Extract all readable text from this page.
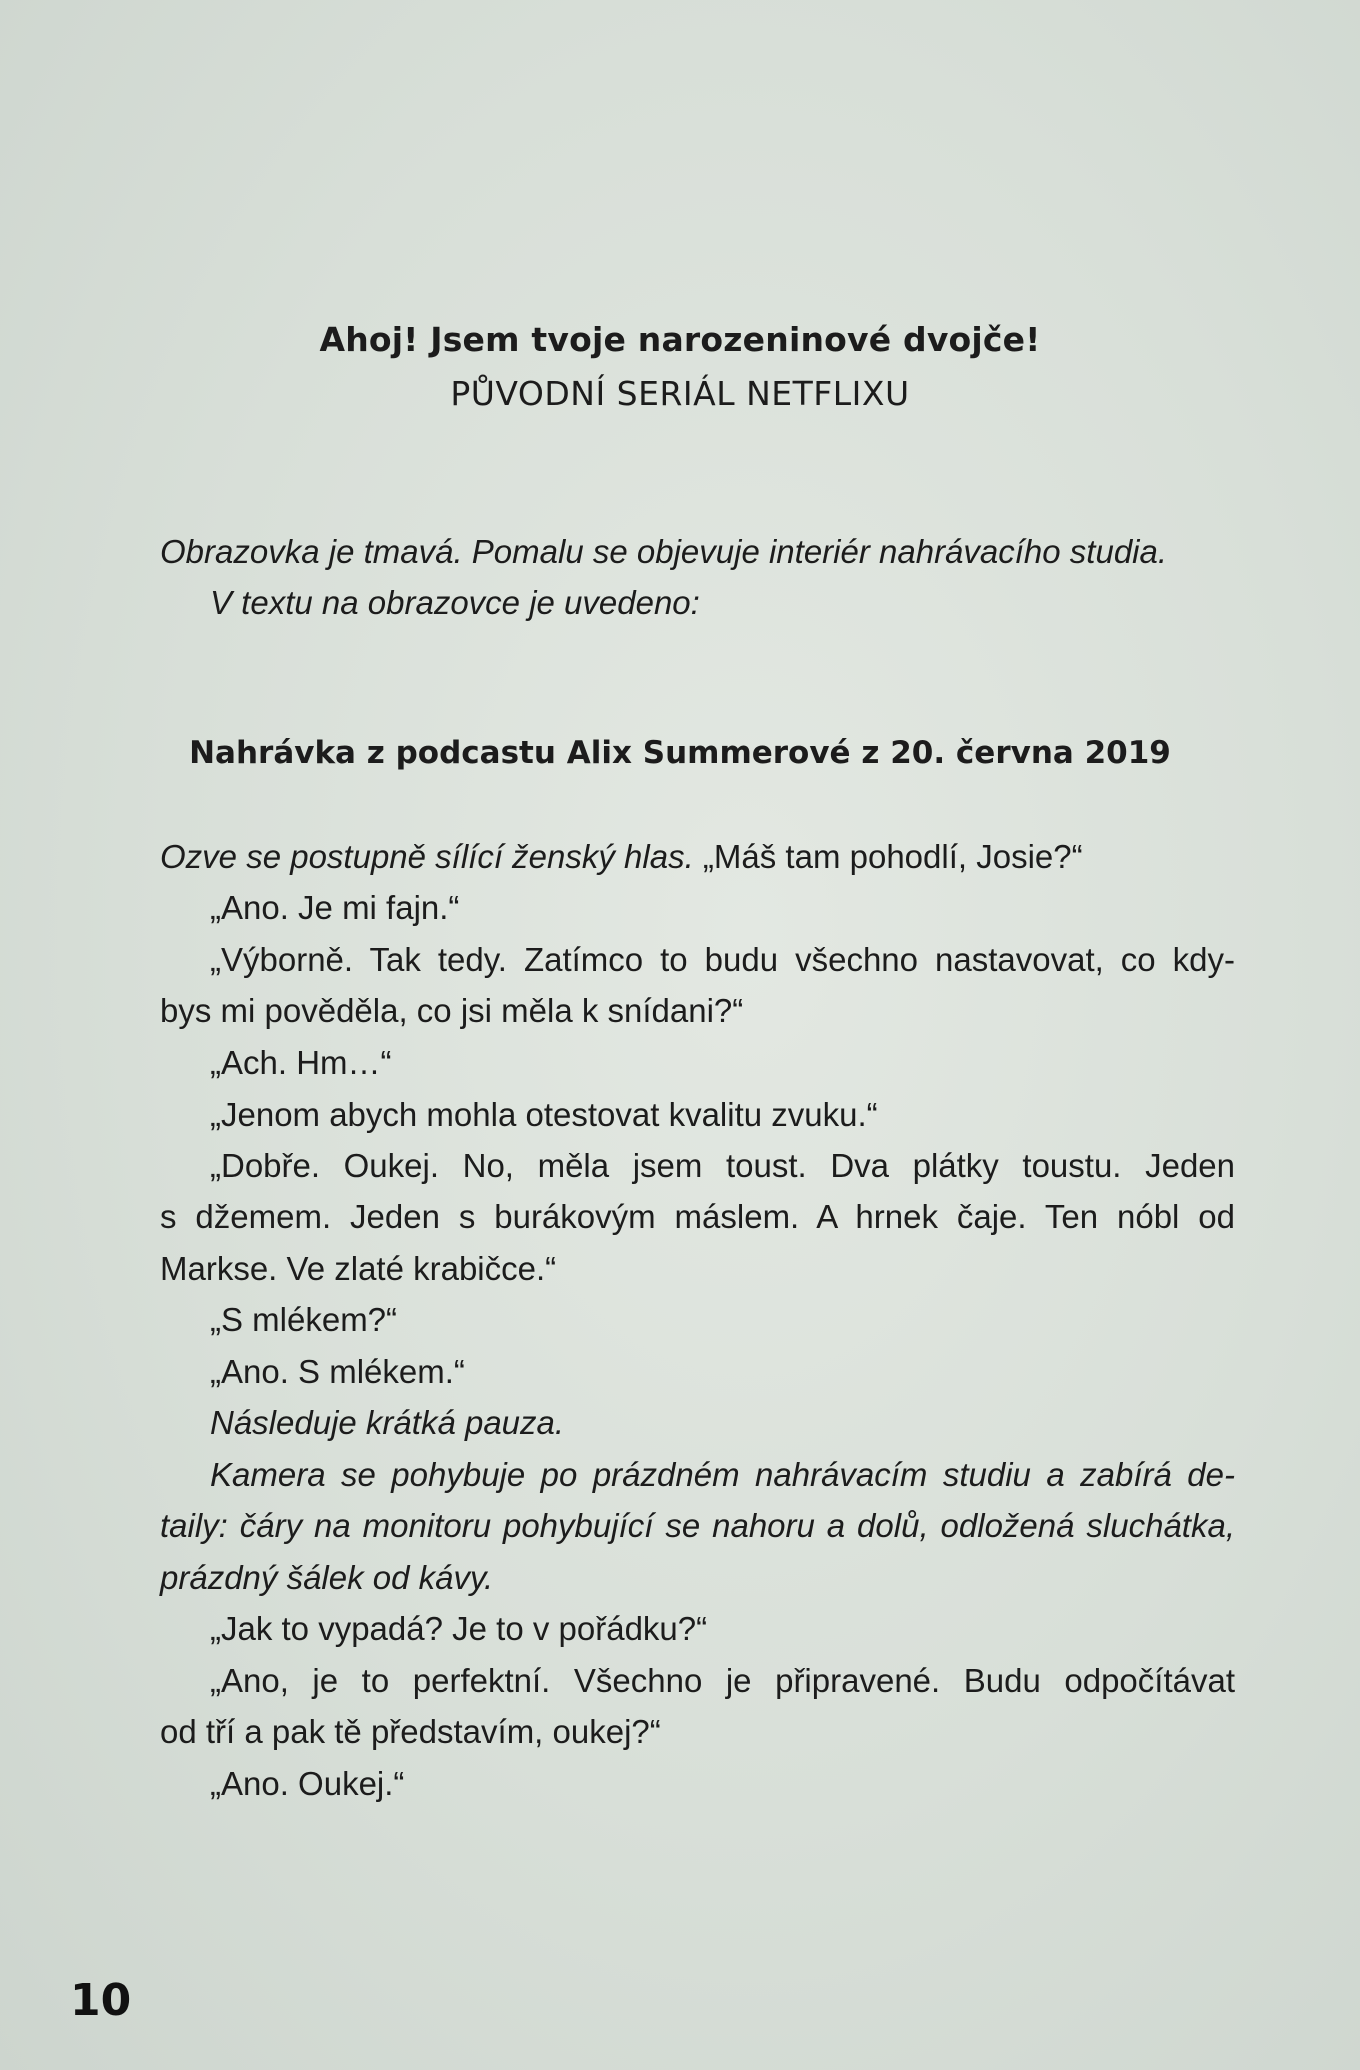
Ahoj! Jsem tvoje narozeninové dvojče!
PŮVODNÍ SERIÁL NETFLIXU
Obrazovka je tmavá. Pomalu se objevuje interiér nahrávacího studia.
V textu na obrazovce je uvedeno:
Nahrávka z podcastu Alix Summerové z 20. června 2019
Ozve se postupně sílící ženský hlas. „Máš tam pohodlí, Josie?“
„Ano. Je mi fajn.“
„Výborně. Tak tedy. Zatímco to budu všechno nastavovat, co kdy-
bys mi pověděla, co jsi měla k snídani?“
„Ach. Hm…“
„Jenom abych mohla otestovat kvalitu zvuku.“
„Dobře. Oukej. No, měla jsem toust. Dva plátky toustu. Jeden
s džemem. Jeden s burákovým máslem. A hrnek čaje. Ten nóbl od
Markse. Ve zlaté krabičce.“
„S mlékem?“
„Ano. S mlékem.“
Následuje krátká pauza.
Kamera se pohybuje po prázdném nahrávacím studiu a zabírá de-
taily: čáry na monitoru pohybující se nahoru a dolů, odložená sluchátka,
prázdný šálek od kávy.
„Jak to vypadá? Je to v pořádku?“
„Ano, je to perfektní. Všechno je připravené. Budu odpočítávat
od tří a pak tě představím, oukej?“
„Ano. Oukej.“
10
